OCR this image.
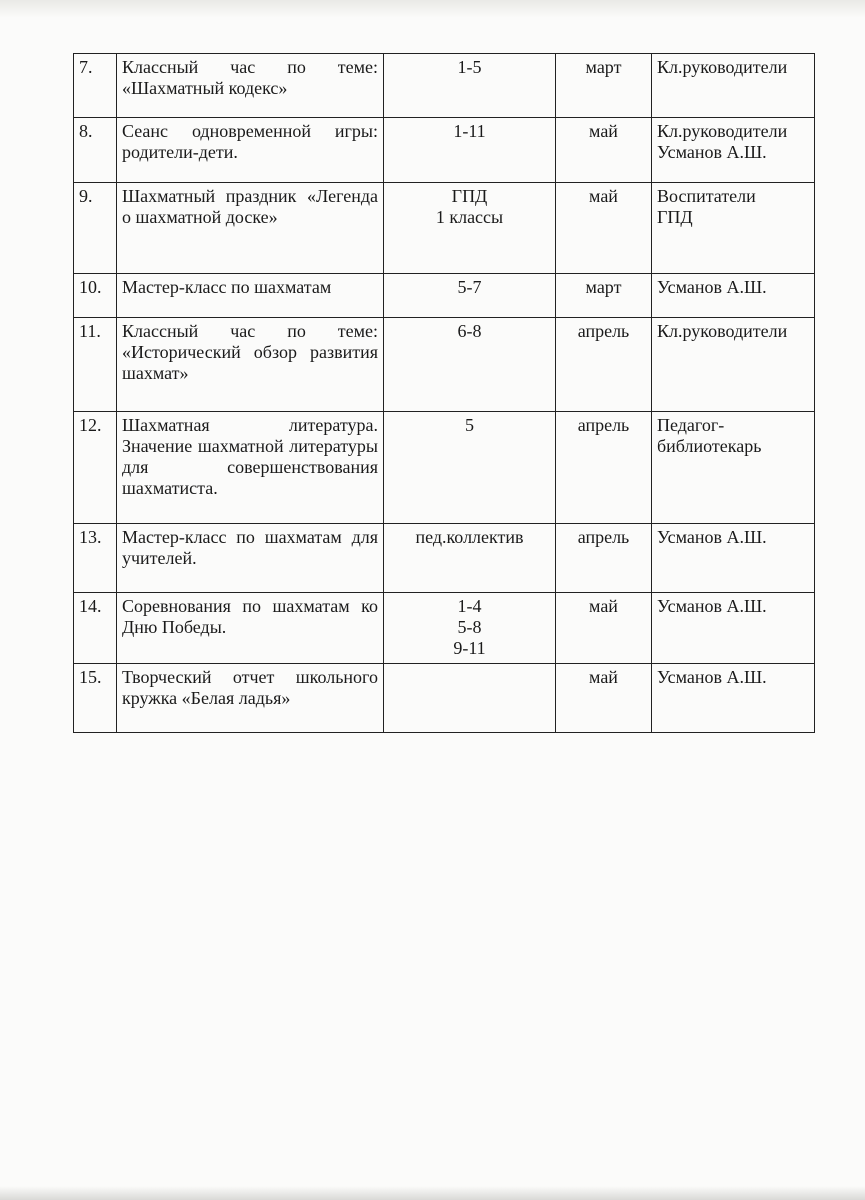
7.	Классный час по теме: «Шахматный кодекс»	1-5	март	Кл.руководители

8.	Сеанс одновременной игры: родители-дети.	1-11	май	Кл.руководители
Усманов А.Ш.

9.	Шахматный праздник «Легенда о шахматной доске»	ГПД
1 классы	май	Воспитатели
ГПД

10.	Мастер-класс по шахматам	5-7	март	Усманов А.Ш.

11.	Классный час по теме: «Исторический обзор развития шахмат»	6-8	апрель	Кл.руководители

12.	Шахматная литература. Значение шахматной литературы для совершенствования шахматиста.	5	апрель	Педагог-
библиотекарь

13.	Мастер-класс по шахматам для учителей.	пед.коллектив	апрель	Усманов А.Ш.

14.	Соревнования по шахматам ко Дню Победы.	1-4
5-8
9-11	май	Усманов А.Ш.

15.	Творческий отчет школьного кружка «Белая ладья»		май	Усманов А.Ш.
